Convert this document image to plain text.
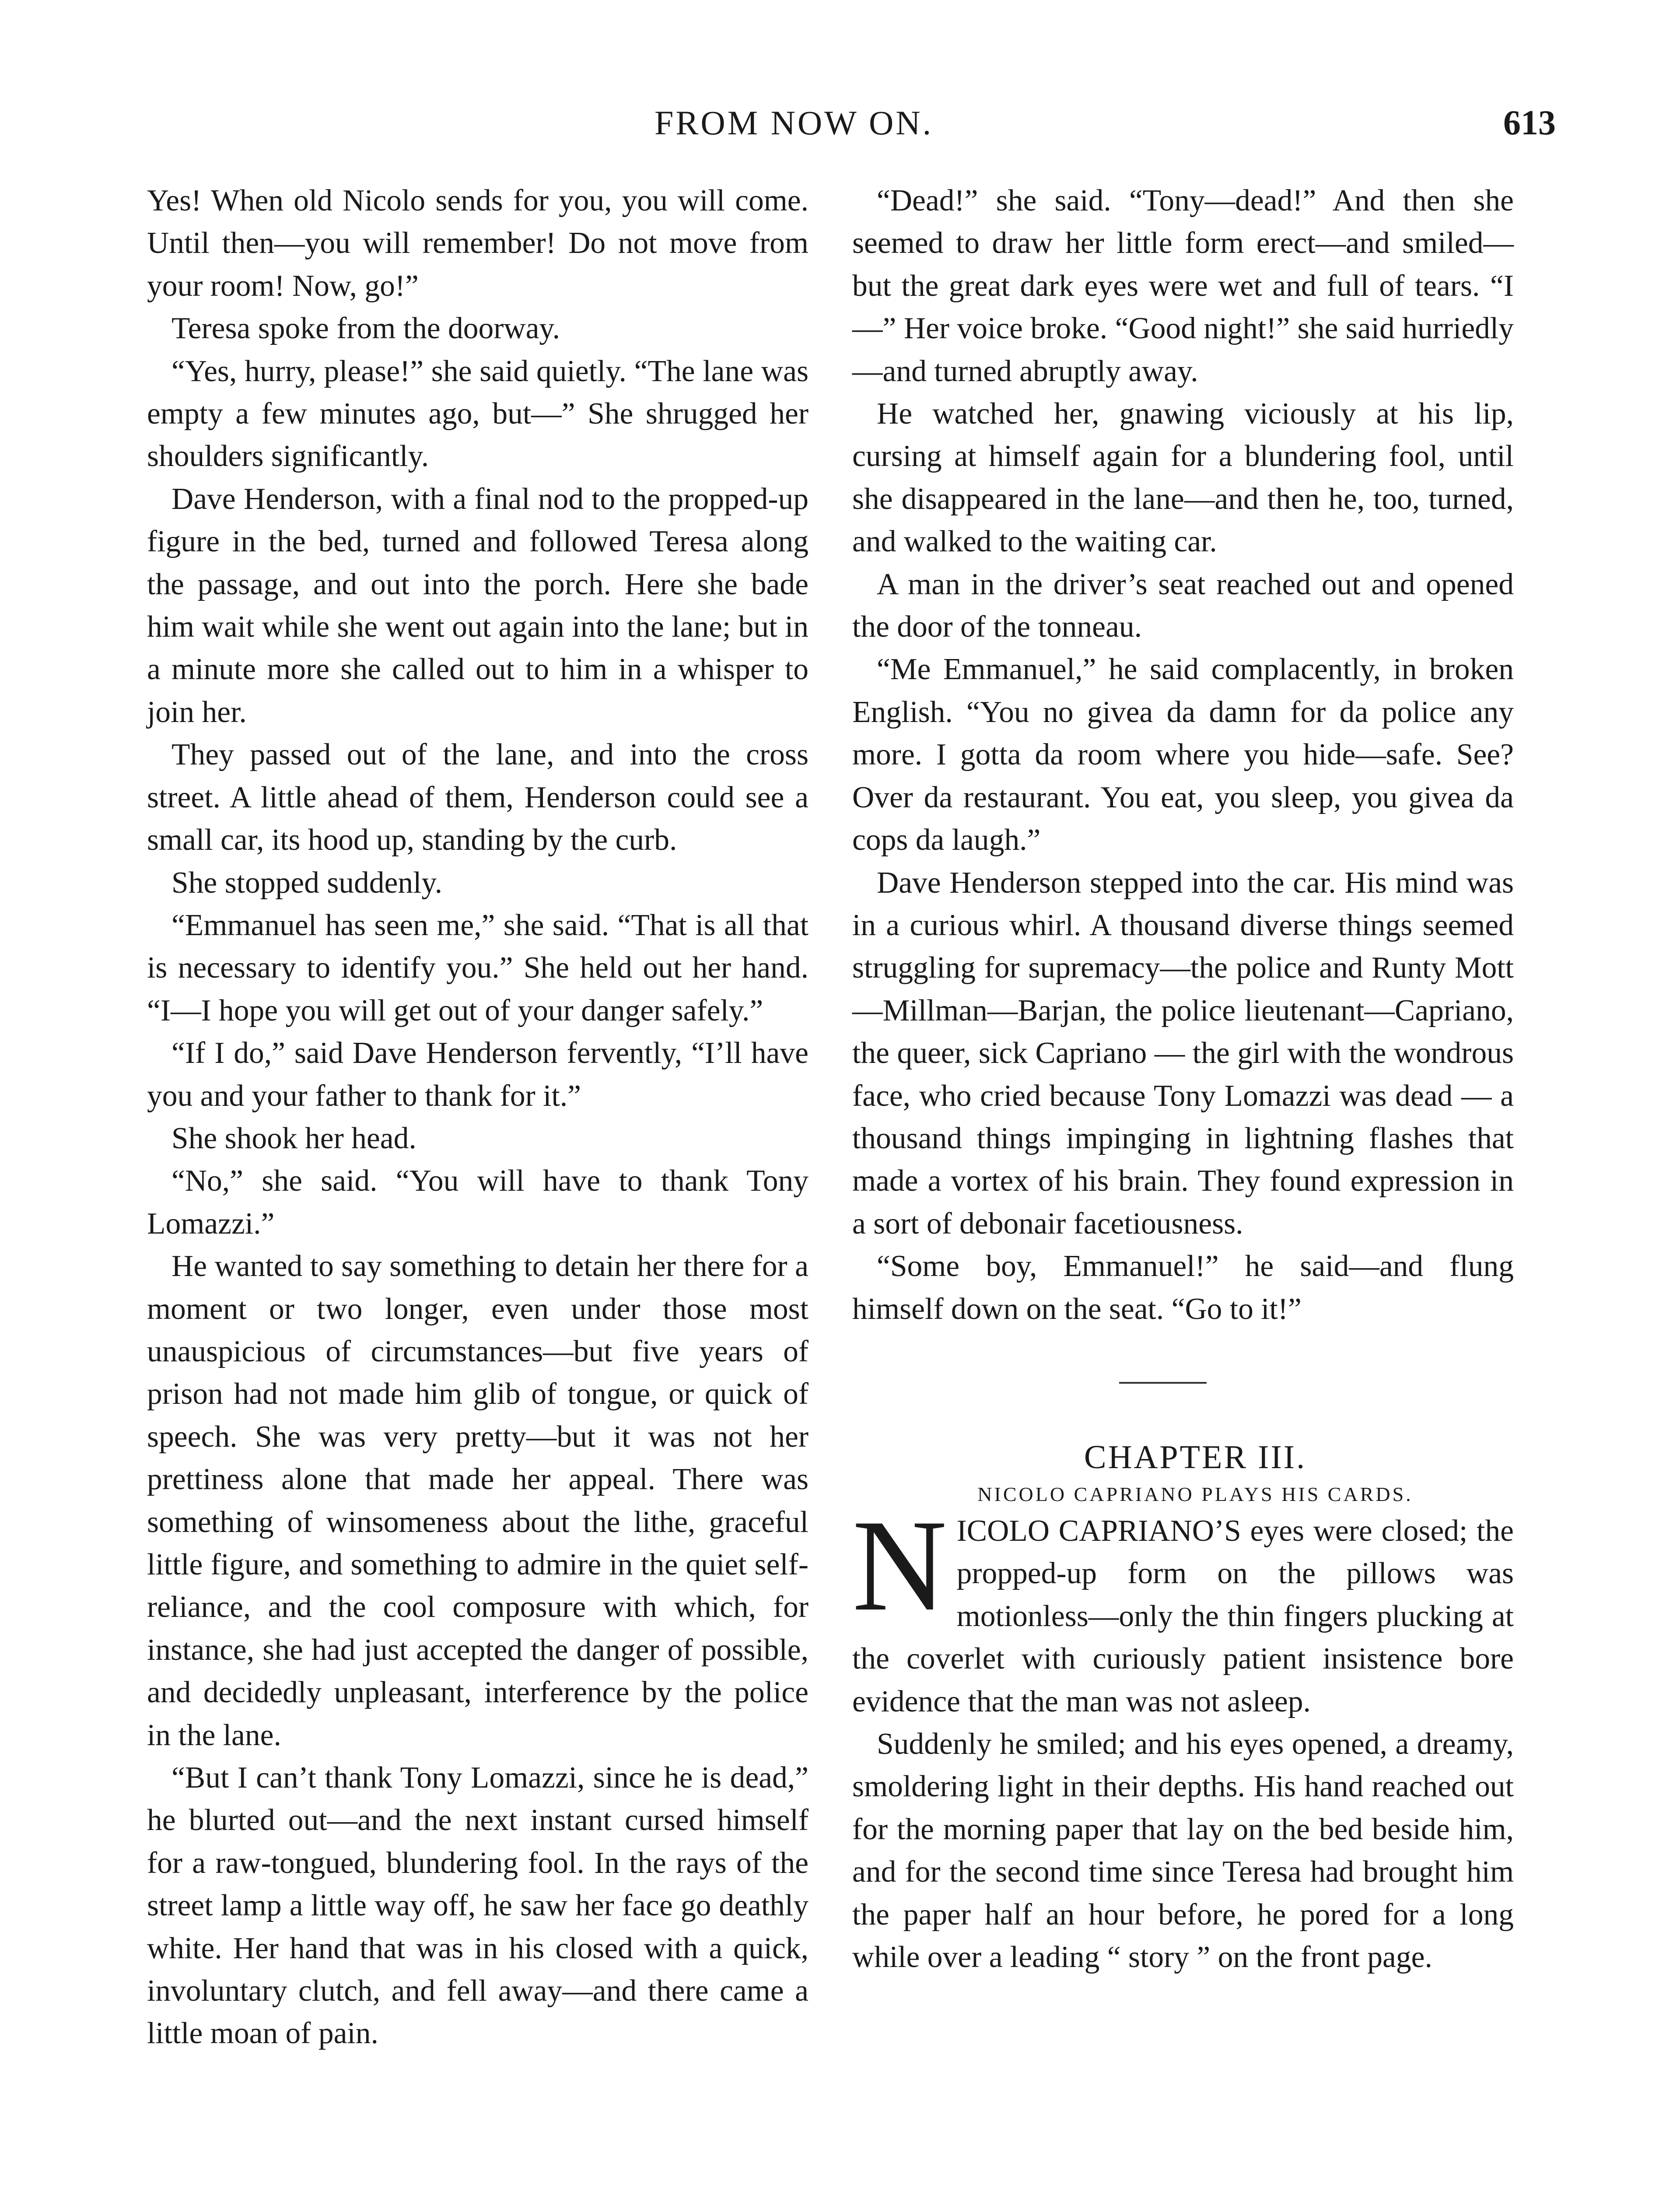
FROM NOW ON.	613

Yes! When old Nicolo sends for you, you will come. Until then—you will remember! Do not move from your room! Now, go!”

Teresa spoke from the doorway.

“Yes, hurry, please!” she said quietly. “The lane was empty a few minutes ago, but—” She shrugged her shoulders significantly.

Dave Henderson, with a final nod to the propped-up figure in the bed, turned and followed Teresa along the passage, and out into the porch. Here she bade him wait while she went out again into the lane; but in a minute more she called out to him in a whisper to join her.

They passed out of the lane, and into the cross street. A little ahead of them, Henderson could see a small car, its hood up, standing by the curb.

She stopped suddenly.

“Emmanuel has seen me,” she said. “That is all that is necessary to identify you.” She held out her hand. “I—I hope you will get out of your danger safely.”

“If I do,” said Dave Henderson fervently, “I’ll have you and your father to thank for it.”

She shook her head.

“No,” she said. “You will have to thank Tony Lomazzi.”

He wanted to say something to detain her there for a moment or two longer, even under those most unauspicious of circumstances—but five years of prison had not made him glib of tongue, or quick of speech. She was very pretty—but it was not her prettiness alone that made her appeal. There was something of winsomeness about the lithe, graceful little figure, and something to admire in the quiet self-reliance, and the cool composure with which, for instance, she had just accepted the danger of possible, and decidedly unpleasant, interference by the police in the lane.

“But I can’t thank Tony Lomazzi, since he is dead,” he blurted out—and the next instant cursed himself for a raw-tongued, blundering fool. In the rays of the street lamp a little way off, he saw her face go deathly white. Her hand that was in his closed with a quick, involuntary clutch, and fell away—and there came a little moan of pain.

“Dead!” she said. “Tony—dead!” And then she seemed to draw her little form erect—and smiled—but the great dark eyes were wet and full of tears. “I—” Her voice broke. “Good night!” she said hurriedly—and turned abruptly away.

He watched her, gnawing viciously at his lip, cursing at himself again for a blundering fool, until she disappeared in the lane—and then he, too, turned, and walked to the waiting car.

A man in the driver’s seat reached out and opened the door of the tonneau.

“Me Emmanuel,” he said complacently, in broken English. “You no givea da damn for da police any more. I gotta da room where you hide—safe. See? Over da restaurant. You eat, you sleep, you givea da cops da laugh.”

Dave Henderson stepped into the car. His mind was in a curious whirl. A thousand diverse things seemed struggling for supremacy—the police and Runty Mott—Millman—Barjan, the police lieutenant—Capriano, the queer, sick Capriano — the girl with the wondrous face, who cried because Tony Lomazzi was dead — a thousand things impinging in lightning flashes that made a vortex of his brain. They found expression in a sort of debonair facetiousness.

“Some boy, Emmanuel!” he said—and flung himself down on the seat. “Go to it!”

CHAPTER III.

NICOLO CAPRIANO PLAYS HIS CARDS.

NICOLO CAPRIANO’S eyes were closed; the propped-up form on the pillows was motionless—only the thin fingers plucking at the coverlet with curiously patient insistence bore evidence that the man was not asleep.

Suddenly he smiled; and his eyes opened, a dreamy, smoldering light in their depths. His hand reached out for the morning paper that lay on the bed beside him, and for the second time since Teresa had brought him the paper half an hour before, he pored for a long while over a leading “ story ” on the front page.
